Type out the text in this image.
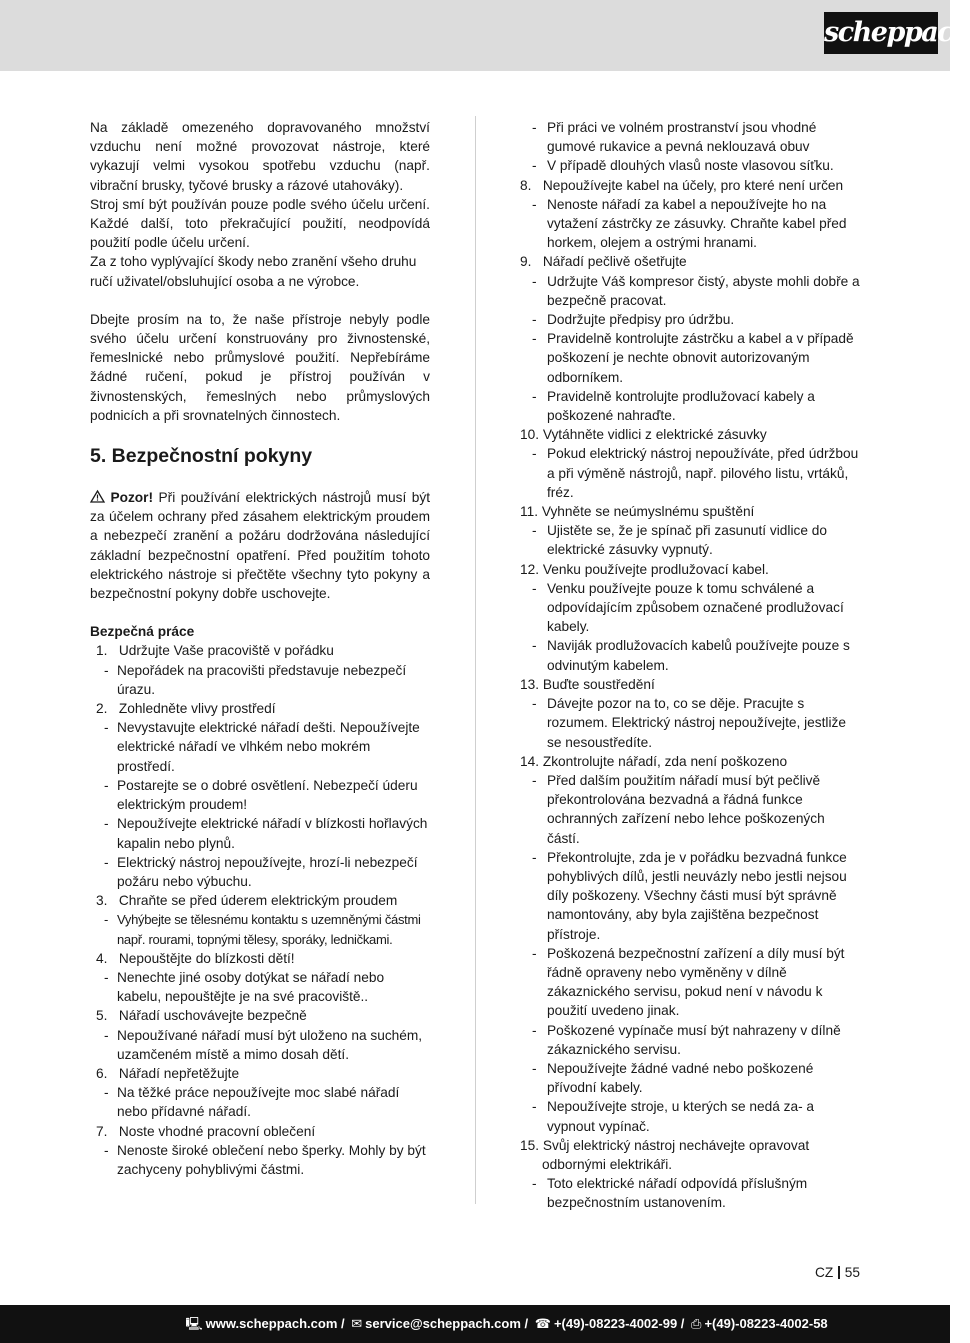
scheppach
Na základě omezeného dopravovaného množství vzduchu není možné provozovat nástroje, které vykazují velmi vysokou spotřebu vzduchu (např. vibrační brusky, tyčové brusky a rázové utahováky).
Stroj smí být používán pouze podle svého účelu určení. Každé další, toto překračující použití, neodpovídá použití podle účelu určení.
Za z toho vyplývající škody nebo zranění všeho druhu ručí uživatel/obsluhující osoba a ne výrobce.
Dbejte prosím na to, že naše přístroje nebyly podle svého účelu určení konstruovány pro živnostenské, řemeslnické nebo průmyslové použití. Nepřebíráme žádné ručení, pokud je přístroj používán v živnostenských, řemeslných nebo průmyslových podnicích a při srovnatelných činnostech.
5. Bezpečnostní pokyny
Pozor! Při používání elektrických nástrojů musí být za účelem ochrany před zásahem elektrickým proudem a nebezpečí zranění a požáru dodržována následující základní bezpečnostní opatření. Před použitím tohoto elektrického nástroje si přečtěte všechny tyto pokyny a bezpečnostní pokyny dobře uschovejte.
Bezpečná práce
1. Udržujte Vaše pracoviště v pořádku
- Nepořádek na pracovišti představuje nebezpečí úrazu.
2. Zohledněte vlivy prostředí
- Nevystavujte elektrické nářadí dešti. Nepoužívejte elektrické nářadí ve vlhkém nebo mokrém prostředí.
- Postarejte se o dobré osvětlení. Nebezpečí úderu elektrickým proudem!
- Nepoužívejte elektrické nářadí v blízkosti hořlavých kapalin nebo plynů.
- Elektrický nástroj nepoužívejte, hrozí-li nebezpečí požáru nebo výbuchu.
3. Chraňte se před úderem elektrickým proudem
- Vyhýbejte se tělesnému kontaktu s uzemněnými částmi např. rourami, topnými tělesy, sporáky, ledničkami.
4. Nepouštějte do blízkosti dětí!
- Nenechte jiné osoby dotýkat se nářadí nebo kabelu, nepouštějte je na své pracoviště..
5. Nářadí uschovávejte bezpečně
- Nepoužívané nářadí musí být uloženo na suchém, uzamčeném místě a mimo dosah dětí.
6. Nářadí nepřetěžujte
- Na těžké práce nepoužívejte moc slabé nářadí nebo přídavné nářadí.
7. Noste vhodné pracovní oblečení
- Nenoste široké oblečení nebo šperky. Mohly by být zachyceny pohyblivými částmi.
- Při práci ve volném prostranství jsou vhodné gumové rukavice a pevná neklouzavá obuv
- V případě dlouhých vlasů noste vlasovou síťku.
8. Nepoužívejte kabel na účely, pro které není určen
- Nenoste nářadí za kabel a nepoužívejte ho na vytažení zástrčky ze zásuvky. Chraňte kabel před horkem, olejem a ostrými hranami.
9. Nářadí pečlivě ošetřujte
- Udržujte Váš kompresor čistý, abyste mohli dobře a bezpečně pracovat.
- Dodržujte předpisy pro údržbu.
- Pravidelně kontrolujte zástrčku a kabel a v případě poškození je nechte obnovit autorizovaným odborníkem.
- Pravidelně kontrolujte prodlužovací kabely a poškozené nahraďte.
10. Vytáhněte vidlici z elektrické zásuvky
- Pokud elektrický nástroj nepoužíváte, před údržbou a při výměně nástrojů, např. pilového listu, vrtáků, fréz.
11. Vyhněte se neúmyslnému spuštění
- Ujistěte se, že je spínač při zasunutí vidlice do elektrické zásuvky vypnutý.
12. Venku používejte prodlužovací kabel.
- Venku používejte pouze k tomu schválené a odpovídajícím způsobem označené prodlužovací kabely.
- Naviják prodlužovacích kabelů používejte pouze s odvinutým kabelem.
13. Buďte soustředění
- Dávejte pozor na to, co se děje. Pracujte s rozumem. Elektrický nástroj nepoužívejte, jestliže se nesoustředíte.
14. Zkontrolujte nářadí, zda není poškozeno
- Před dalším použitím nářadí musí být pečlivě překontrolována bezvadná a řádná funkce ochranných zařízení nebo lehce poškozených částí.
- Překontrolujte, zda je v pořádku bezvadná funkce pohyblivých dílů, jestli neuvázly nebo jestli nejsou díly poškozeny. Všechny části musí být správně namontovány, aby byla zajištěna bezpečnost přístroje.
- Poškozená bezpečnostní zařízení a díly musí být řádně opraveny nebo vyměněny v dílně zákaznického servisu, pokud není v návodu k použití uvedeno jinak.
- Poškozené vypínače musí být nahrazeny v dílně zákaznického servisu.
- Nepoužívejte žádné vadné nebo poškozené přívodní kabely.
- Nepoužívejte stroje, u kterých se nedá za- a vypnout vypínač.
15. Svůj elektrický nástroj nechávejte opravovat odbornými elektrikáři.
- Toto elektrické nářadí odpovídá příslušným bezpečnostním ustanovením.
CZ 55
🖳 www.scheppach.com / ✉ service@scheppach.com / ☎ +(49)-08223-4002-99 / ⎙ +(49)-08223-4002-58
